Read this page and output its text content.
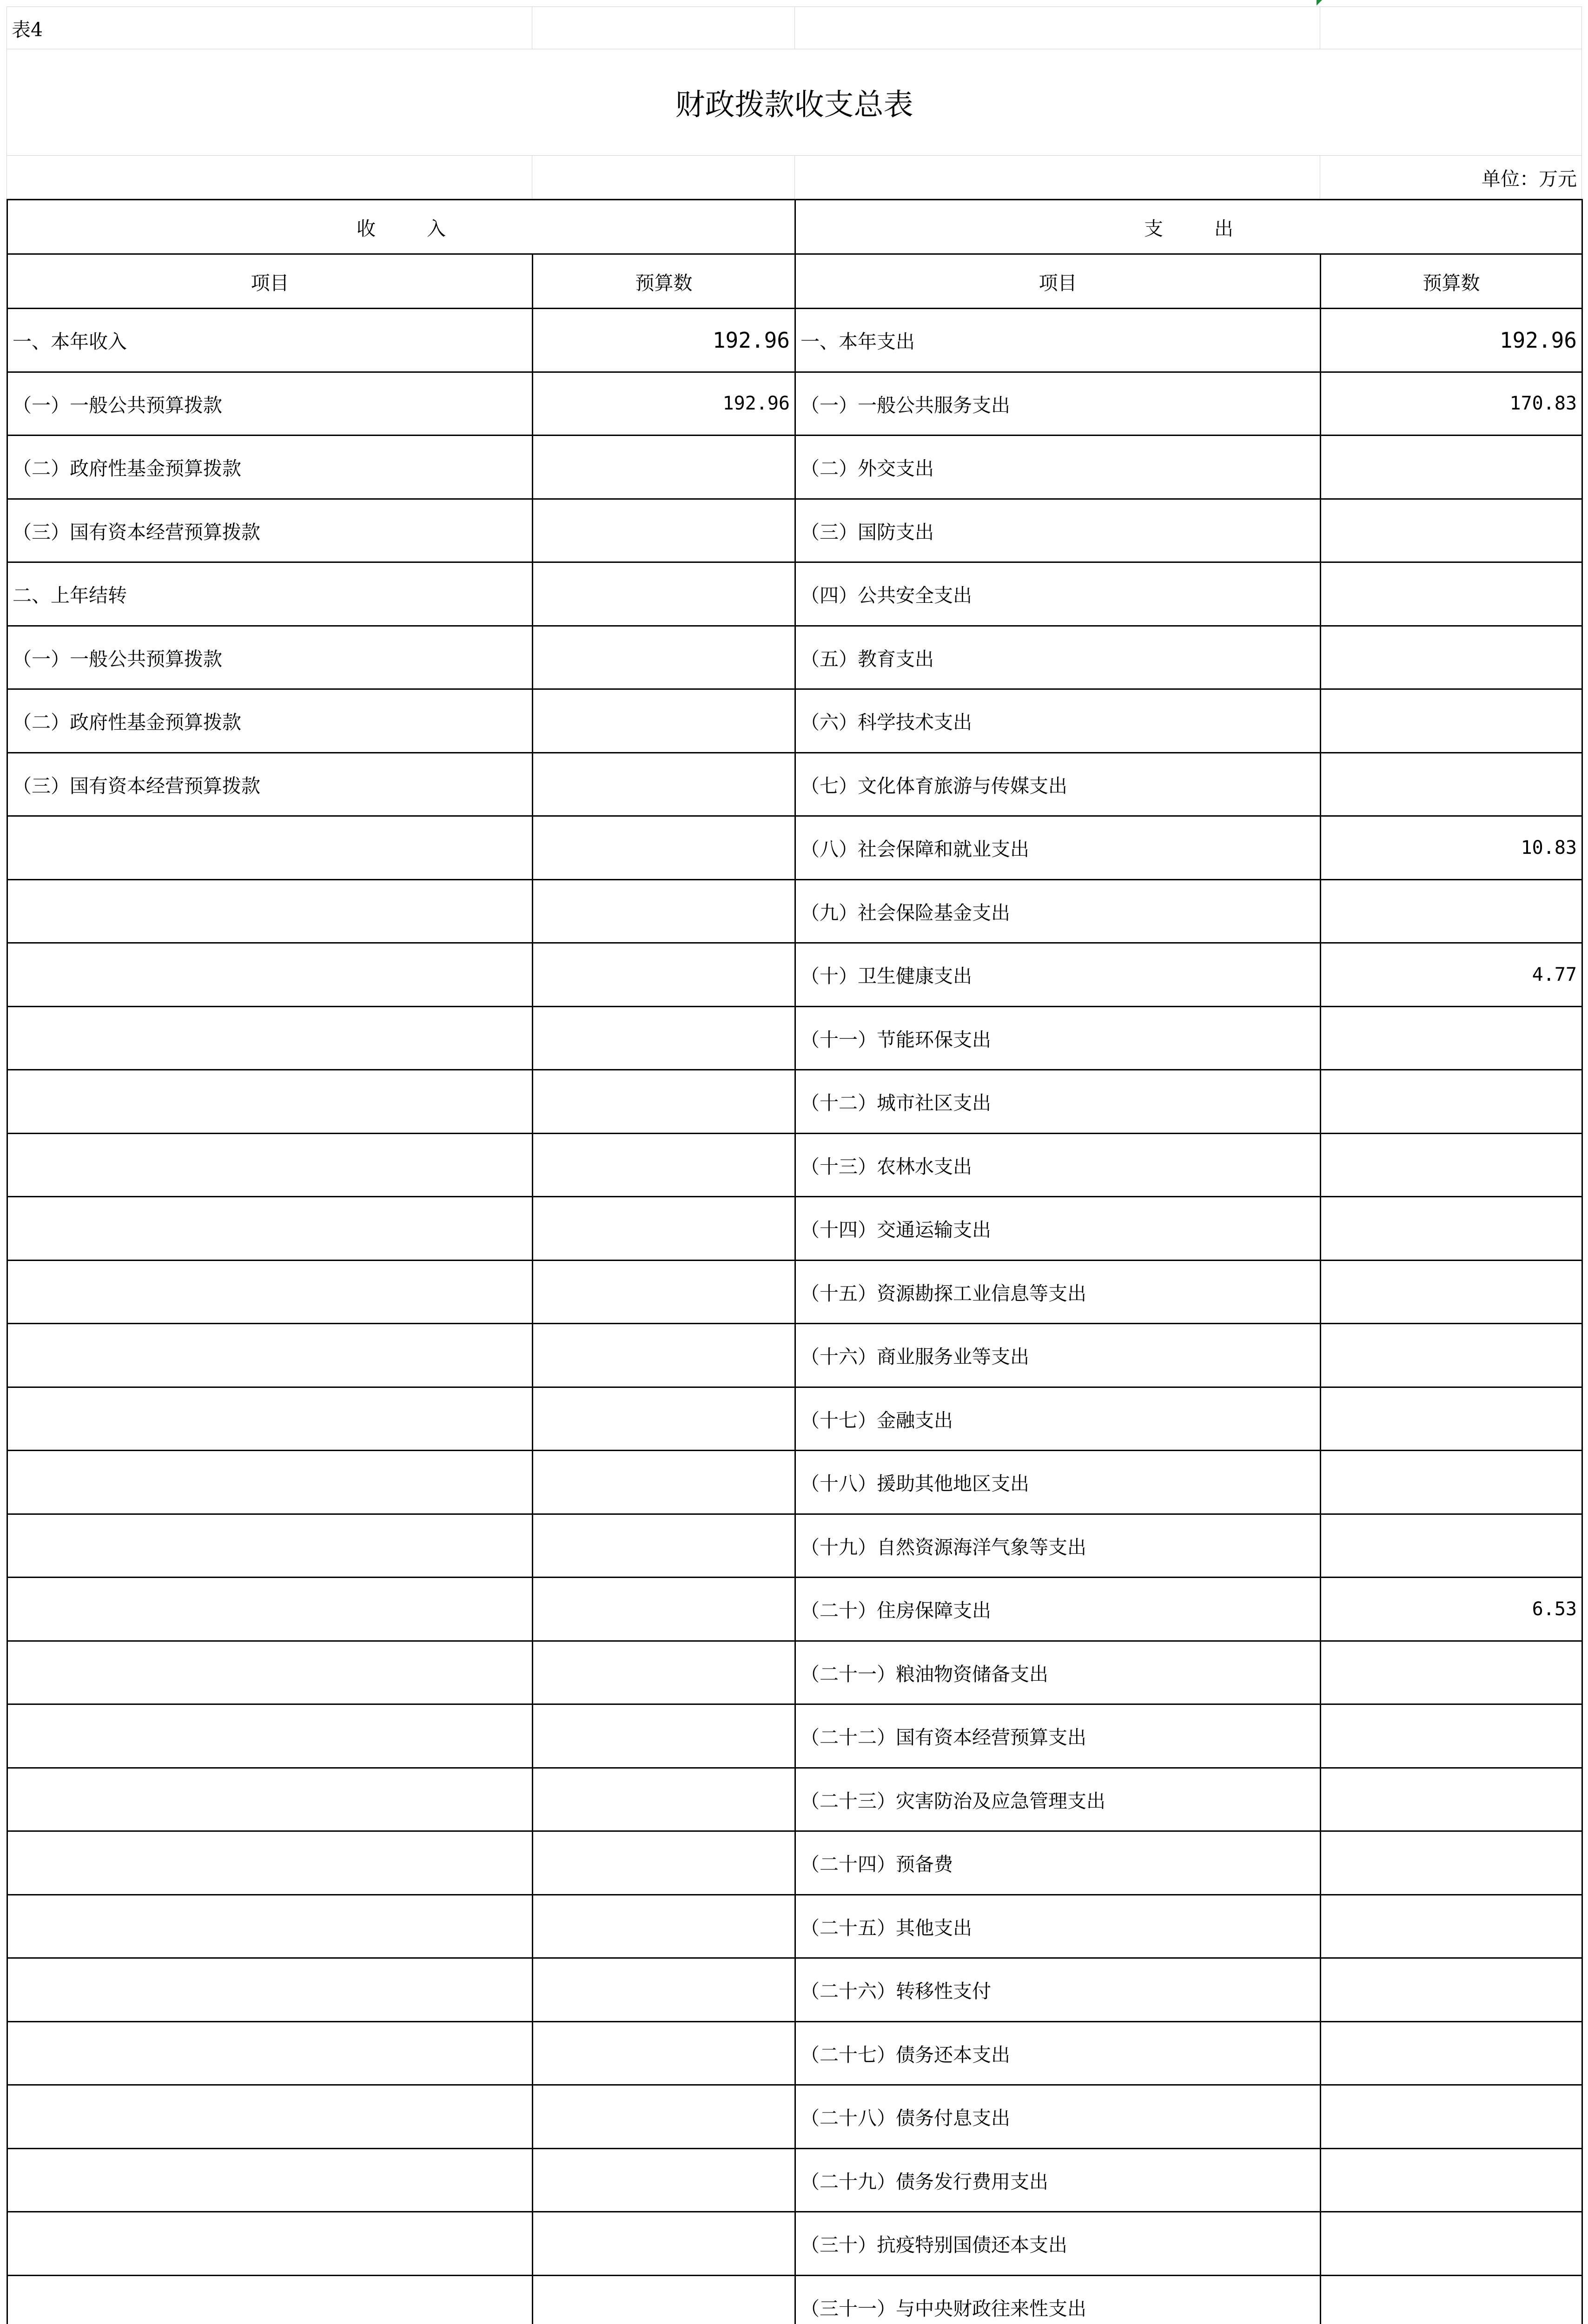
表4			
财政拨款收支总表			
			单位：万元
收入		支出	
项目	预算数	项目	预算数
一、本年收入	192.96	一、本年支出	192.96
（一）一般公共预算拨款	192.96	（一）一般公共服务支出	170.83
（二）政府性基金预算拨款		（二）外交支出	
（三）国有资本经营预算拨款		（三）国防支出	
二、上年结转		（四）公共安全支出	
（一）一般公共预算拨款		（五）教育支出	
（二）政府性基金预算拨款		（六）科学技术支出	
（三）国有资本经营预算拨款		（七）文化体育旅游与传媒支出	
		（八）社会保障和就业支出	10.83
		（九）社会保险基金支出	
		（十）卫生健康支出	4.77
		（十一）节能环保支出	
		（十二）城市社区支出	
		（十三）农林水支出	
		（十四）交通运输支出	
		（十五）资源勘探工业信息等支出	
		（十六）商业服务业等支出	
		（十七）金融支出	
		（十八）援助其他地区支出	
		（十九）自然资源海洋气象等支出	
		（二十）住房保障支出	6.53
		（二十一）粮油物资储备支出	
		（二十二）国有资本经营预算支出	
		（二十三）灾害防治及应急管理支出	
		（二十四）预备费	
		（二十五）其他支出	
		（二十六）转移性支付	
		（二十七）债务还本支出	
		（二十八）债务付息支出	
		（二十九）债务发行费用支出	
		（三十）抗疫特别国债还本支出	
		（三十一）与中央财政往来性支出	
